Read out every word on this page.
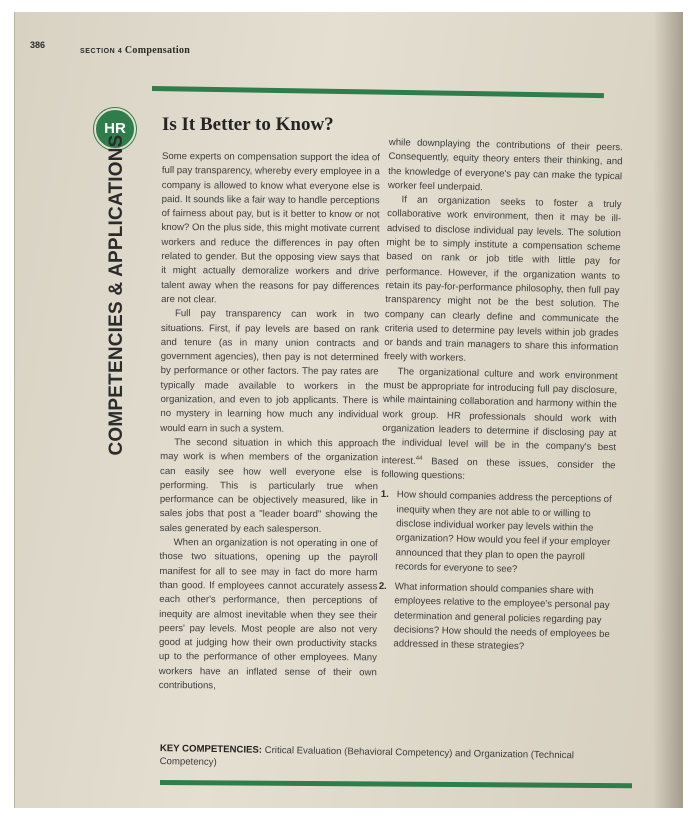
386
SECTION 4 Compensation
HR
COMPETENCIES & APPLICATIONS
Is It Better to Know?

Some experts on compensation support the idea of full pay transparency, whereby every employee in a company is allowed to know what everyone else is paid. It sounds like a fair way to handle perceptions of fairness about pay, but is it better to know or not know? On the plus side, this might motivate current workers and reduce the differences in pay often related to gender. But the opposing view says that it might actually demoralize workers and drive talent away when the reasons for pay differences are not clear.

Full pay transparency can work in two situations. First, if pay levels are based on rank and tenure (as in many union contracts and government agencies), then pay is not determined by performance or other factors. The pay rates are typically made available to workers in the organization, and even to job applicants. There is no mystery in learning how much any individual would earn in such a system.

The second situation in which this approach may work is when members of the organization can easily see how well everyone else is performing. This is particularly true when performance can be objectively measured, like in sales jobs that post a "leader board" showing the sales generated by each salesperson.

When an organization is not operating in one of those two situations, opening up the payroll manifest for all to see may in fact do more harm than good. If employees cannot accurately assess each other's performance, then perceptions of inequity are almost inevitable when they see their peers' pay levels. Most people are also not very good at judging how their own productivity stacks up to the performance of other employees. Many workers have an inflated sense of their own contributions,

while downplaying the contributions of their peers. Consequently, equity theory enters their thinking, and the knowledge of everyone's pay can make the typical worker feel underpaid.

If an organization seeks to foster a truly collaborative work environment, then it may be ill-advised to disclose individual pay levels. The solution might be to simply institute a compensation scheme based on rank or job title with little pay for performance. However, if the organization wants to retain its pay-for-performance philosophy, then full pay transparency might not be the best solution. The company can clearly define and communicate the criteria used to determine pay levels within job grades or bands and train managers to share this information freely with workers.

The organizational culture and work environment must be appropriate for introducing full pay disclosure, while maintaining collaboration and harmony within the work group. HR professionals should work with organization leaders to determine if disclosing pay at the individual level will be in the company's best interest.$^{44}$ Based on these issues, consider the following questions:

1. How should companies address the perceptions of inequity when they are not able to or willing to disclose individual worker pay levels within the organization? How would you feel if your employer announced that they plan to open the payroll records for everyone to see?

2. What information should companies share with employees relative to the employee's personal pay determination and general policies regarding pay decisions? How should the needs of employees be addressed in these strategies?

KEY COMPETENCIES: Critical Evaluation (Behavioral Competency) and Organization (Technical Competency)
